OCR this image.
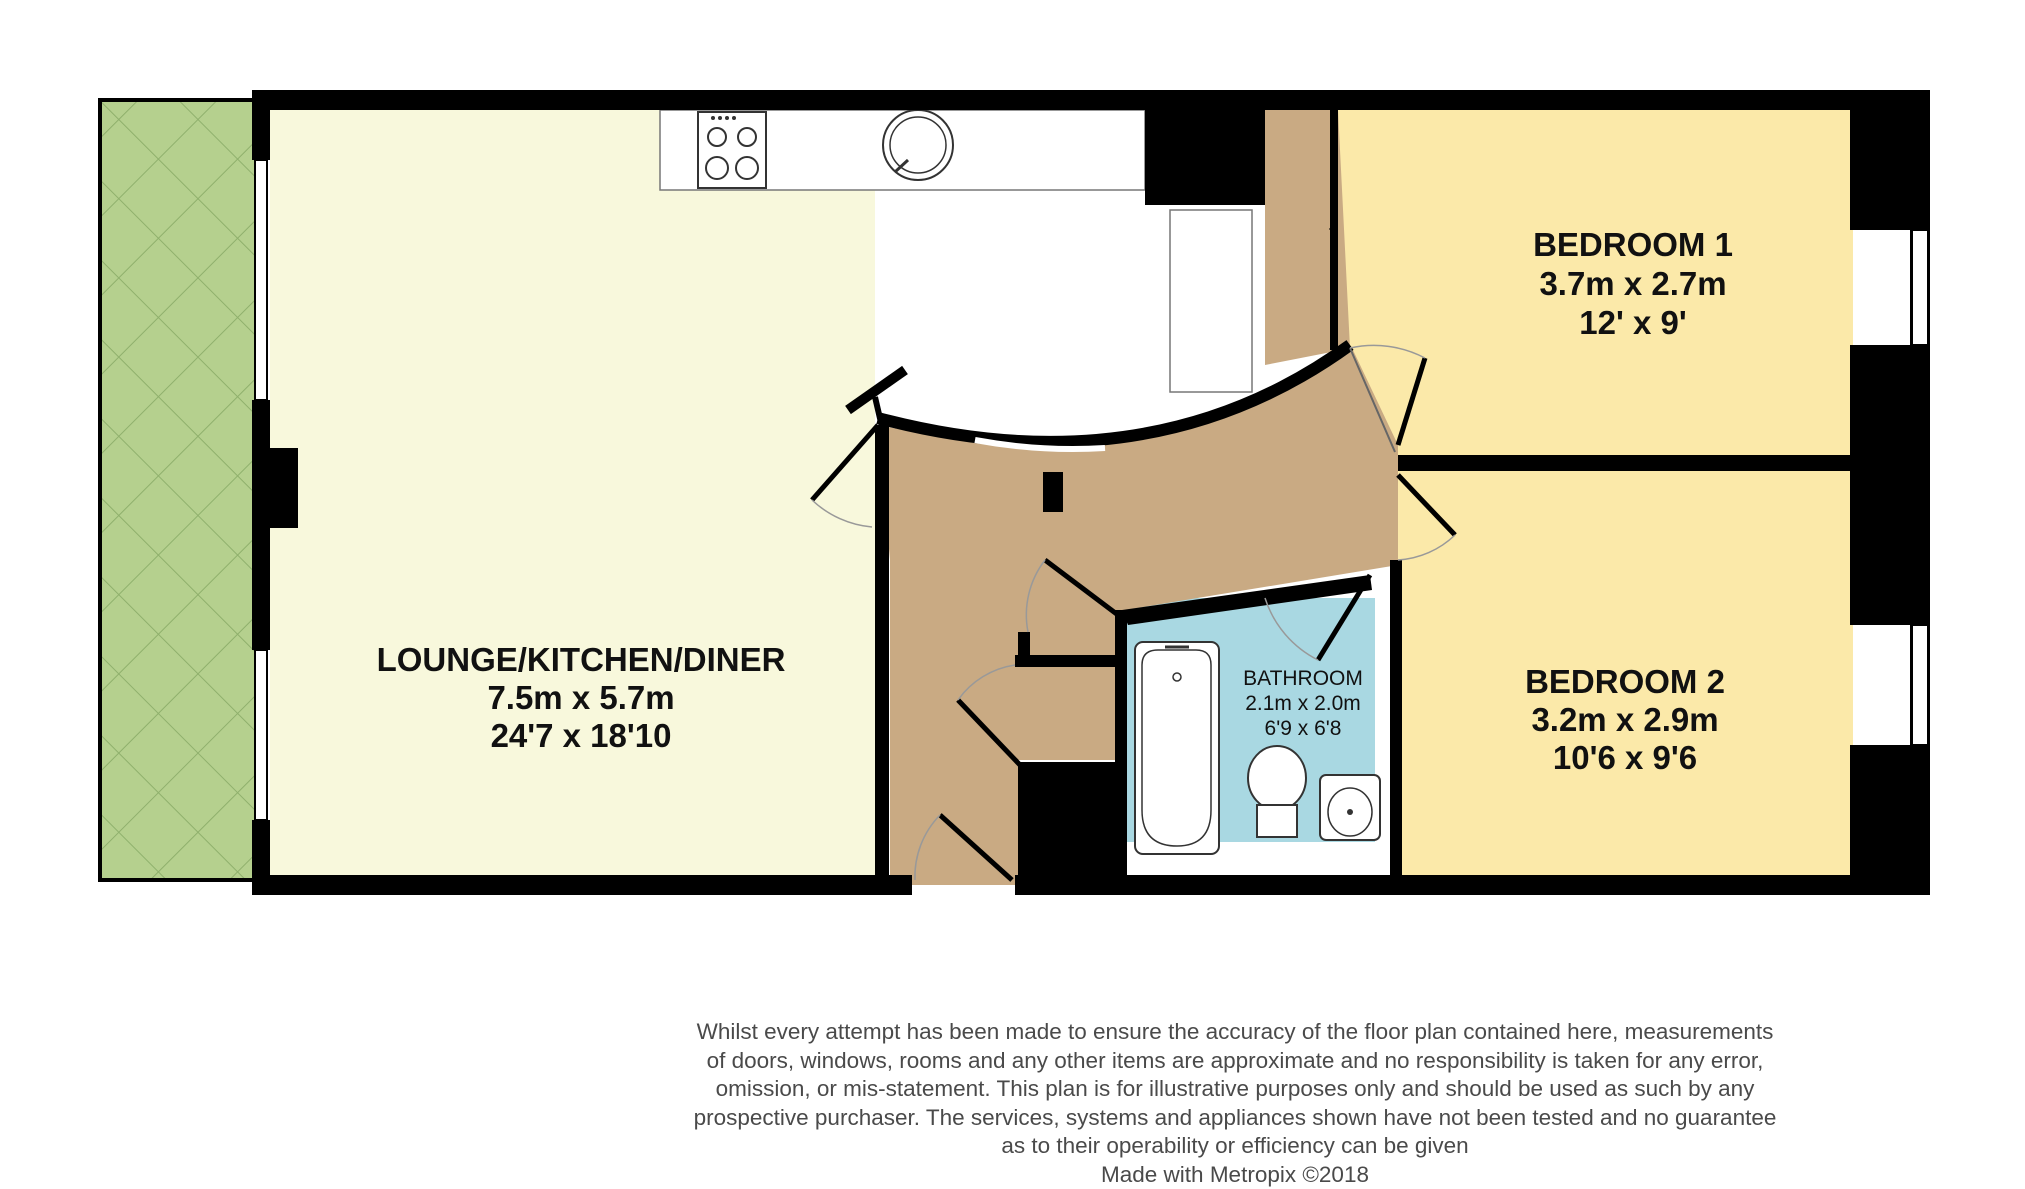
LOUNGE/KITCHEN/DINER
7.5m x 5.7m
24'7 x 18'10
BEDROOM 1
3.7m x 2.7m
12' x 9'
BEDROOM 2
3.2m x 2.9m
10'6 x 9'6
BATHROOM
2.1m x 2.0m
6'9 x 6'8
Whilst every attempt has been made to ensure the accuracy of the floor plan contained here, measurements
of doors, windows, rooms and any other items are approximate and no responsibility is taken for any error,
omission, or mis-statement. This plan is for illustrative purposes only and should be used as such by any
prospective purchaser. The services, systems and appliances shown have not been tested and no guarantee
as to their operability or efficiency can be given
Made with Metropix ©2018
